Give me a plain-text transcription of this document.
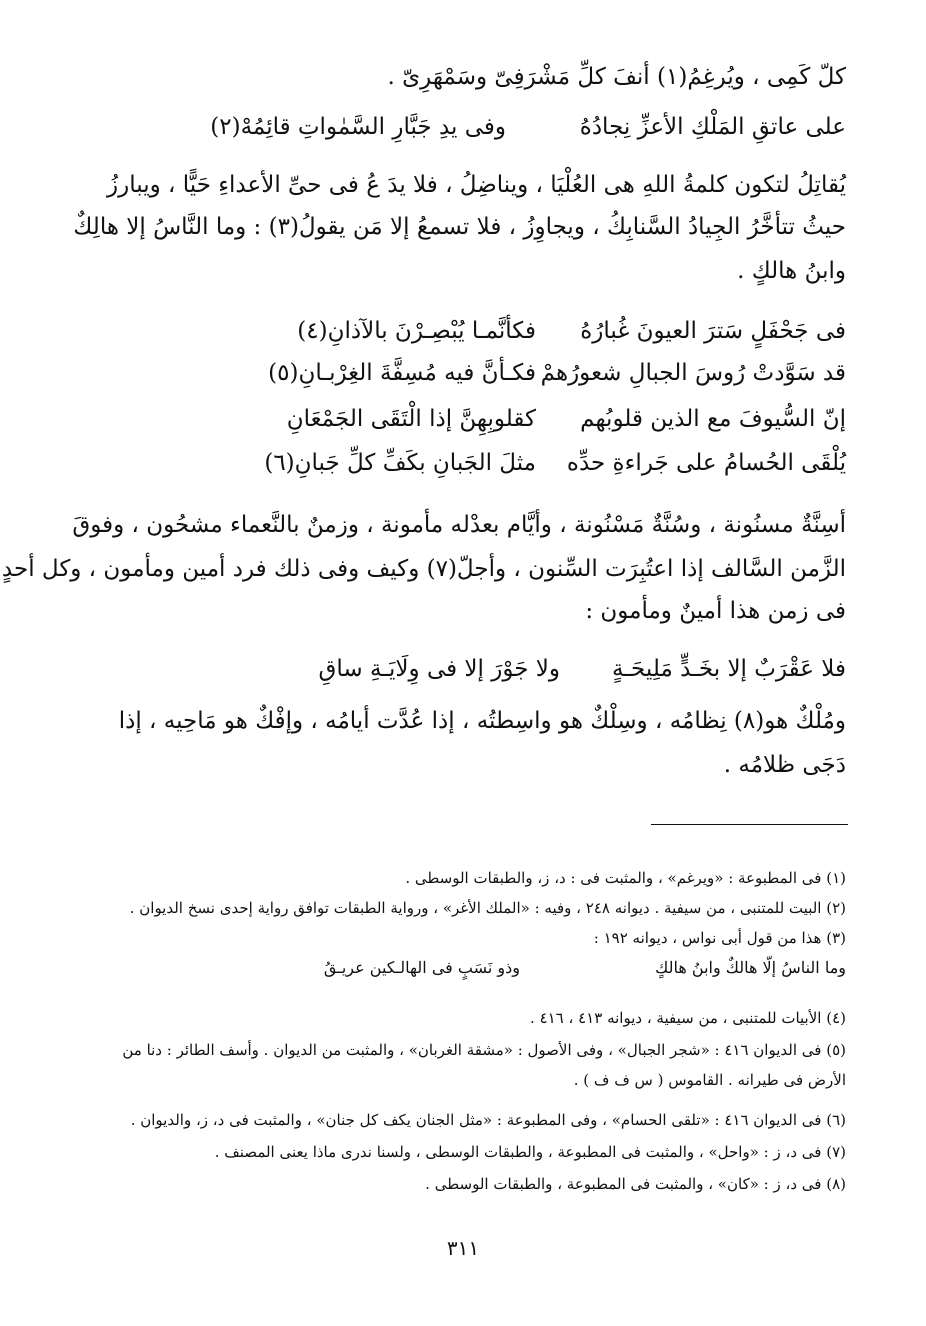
كلّ كَمِى ، ويُرغِمُ(١) أنفَ كلِّ مَشْرَفِىّ وسَمْهَرِىّ .
على عاتقِ المَلْكِ الأعزِّ نِجادُهُ
وفى يدِ جَبَّارِ السَّمٰواتِ قائِمُهْ(٢)
يُقاتِلُ لتكون كلمةُ اللهِ هى العُلْيَا ، ويناضِلُ ، فلا يدَ عُ فى حىِّ الأعداءِ حَيًّا ، ويبارزُ
حيثُ تتأخَّرُ الجِيادُ السَّنابِكُ ، ويجاوِزُ ، فلا تسمعُ إلا مَن يقولُ(٣) : وما النَّاسُ إلا هالِكٌ
وابنُ هالكٍ .
فى جَحْفَلٍ سَترَ العيونَ غُبارُهُ
فكأنَّمـا يُبْصِـرْنَ بالآذانِ(٤)
قد سَوَّدتْ رُوسَ الجبالِ شعورُهمْ
فكـأنَّ فيه مُسِفَّةَ الغِرْبـانِ(٥)
إنّ السُّيوفَ مع الذين قلوبُهم
كقلوبِهِنَّ إذا الْتَقَى الجَمْعَانِ
يُلْقَى الحُسامُ على جَراءةِ حدِّه
مثلَ الجَبانِ بكَفِّ كلِّ جَبانِ(٦)
أسِنَّةٌ مسنُونة ، وسُنَّةٌ مَسْنُونة ، وأيَّام بعدْله مأمونة ، وزمنٌ بالنَّعماء مشحُون ، وفوقَ
الزَّمن السَّالف إذا اعتُبِرَت السِّنون ، وأجلّ(٧) وكيف وفى ذلك فرد أمين ومأمون ، وكل أحدٍ
فى زمن هذا أمينٌ ومأمون :
فلا عَقْرَبٌ إلا بخَـدٍّ مَلِيحَـةٍ
ولا جَوْرَ إلا فى وِلَايَـةِ ساقِ
ومُلْكٌ هو(٨) نِظامُه ، وسِلْكٌ هو واسِطتُه ، إذا عُدَّت أيامُه ، وإفْكٌ هو مَاحِيه ، إذا
دَجَى ظلامُه .
(١) فى المطبوعة : «ويرغم» ، والمثبت فى : د، ز، والطبقات الوسطى .
(٢) البيت للمتنبى ، من سيفية . ديوانه ٢٤٨ ، وفيه : «الملك الأغر» ، ورواية الطبقات توافق رواية إحدى نسخ الديوان .
(٣) هذا من قول أبى نواس ، ديوانه ١٩٢ :
وما الناسُ إلّا هالكٌ وابنُ هالكٍ
وذو نَسَبٍ فى الهالـكين عريـقُ
(٤) الأبيات للمتنبى ، من سيفية ، ديوانه ٤١٣ ، ٤١٦ .
(٥) فى الديوان ٤١٦ : «شجر الجبال» ، وفى الأصول : «مشقة الغربان» ، والمثبت من الديوان . وأسف الطائر : دنا من
الأرض فى طيرانه . القاموس ( س ف ف ) .
(٦) فى الديوان ٤١٦ : «تلقى الحسام» ، وفى المطبوعة : «مثل الجنان يكف كل جنان» ، والمثبت فى د، ز، والديوان .
(٧) فى د، ز : «واحل» ، والمثبت فى المطبوعة ، والطبقات الوسطى ، ولسنا ندرى ماذا يعنى المصنف .
(٨) فى د، ز : «كان» ، والمثبت فى المطبوعة ، والطبقات الوسطى .
٣١١
